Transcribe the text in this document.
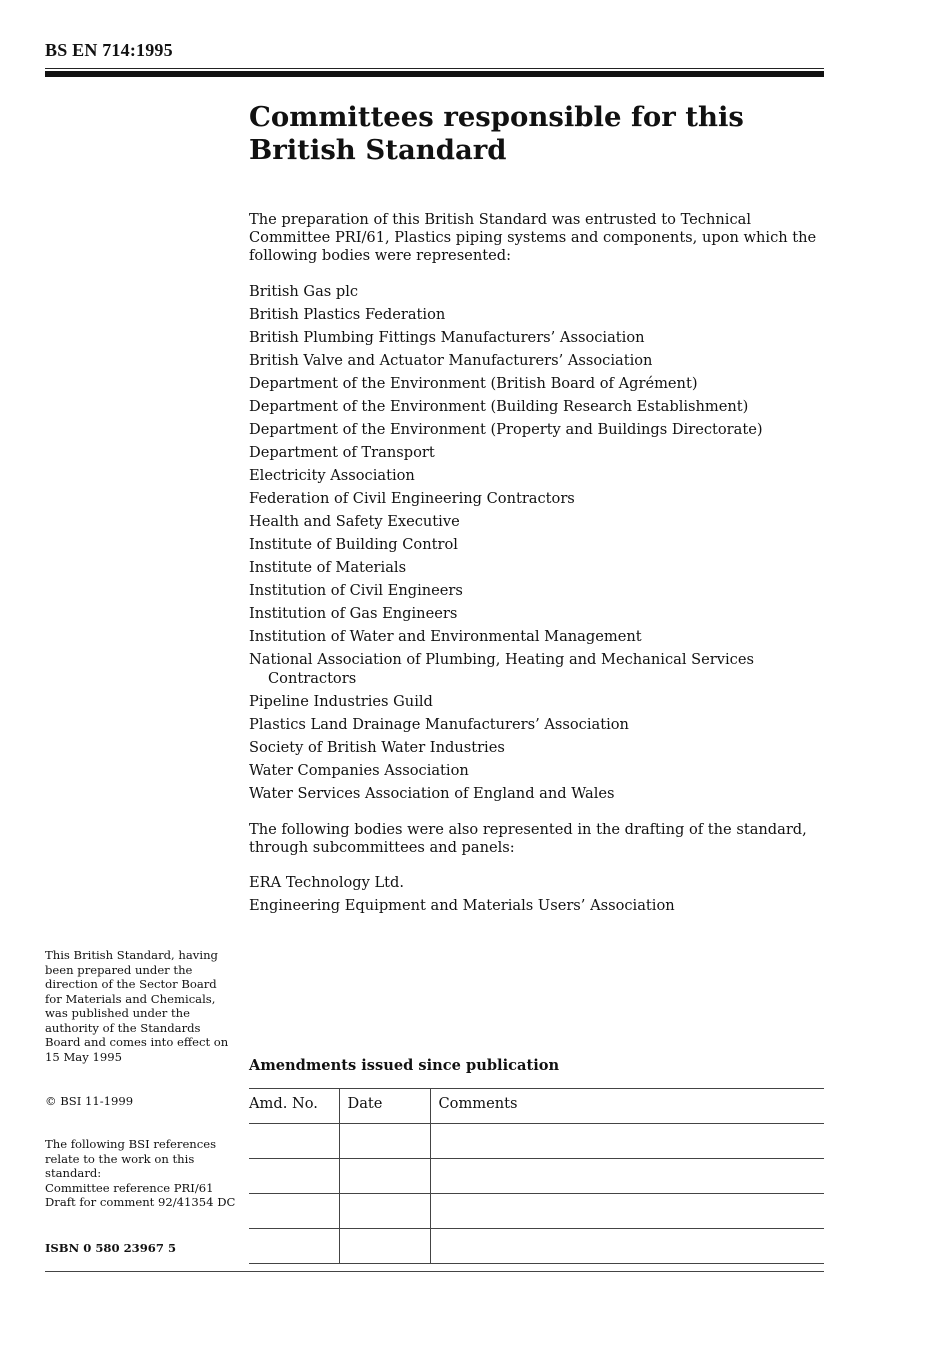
BS EN 714:1995
Committees responsible for this British Standard

The preparation of this British Standard was entrusted to Technical Committee PRI/61, Plastics piping systems and components, upon which the following bodies were represented:

British Gas plc
British Plastics Federation
British Plumbing Fittings Manufacturers’ Association
British Valve and Actuator Manufacturers’ Association
Department of the Environment (British Board of Agrément)
Department of the Environment (Building Research Establishment)
Department of the Environment (Property and Buildings Directorate)
Department of Transport
Electricity Association
Federation of Civil Engineering Contractors
Health and Safety Executive
Institute of Building Control
Institute of Materials
Institution of Civil Engineers
Institution of Gas Engineers
Institution of Water and Environmental Management
National Association of Plumbing, Heating and Mechanical Services Contractors
Pipeline Industries Guild
Plastics Land Drainage Manufacturers’ Association
Society of British Water Industries
Water Companies Association
Water Services Association of England and Wales

The following bodies were also represented in the drafting of the standard, through subcommittees and panels:

ERA Technology Ltd.
Engineering Equipment and Materials Users’ Association

This British Standard, having been prepared under the direction of the Sector Board for Materials and Chemicals, was published under the authority of the Standards Board and comes into effect on 15 May 1995

© BSI 11-1999

The following BSI references relate to the work on this standard:
Committee reference PRI/61
Draft for comment 92/41354 DC

ISBN 0 580 23967 5

Amendments issued since publication
Amd. No.	Date	Comments
